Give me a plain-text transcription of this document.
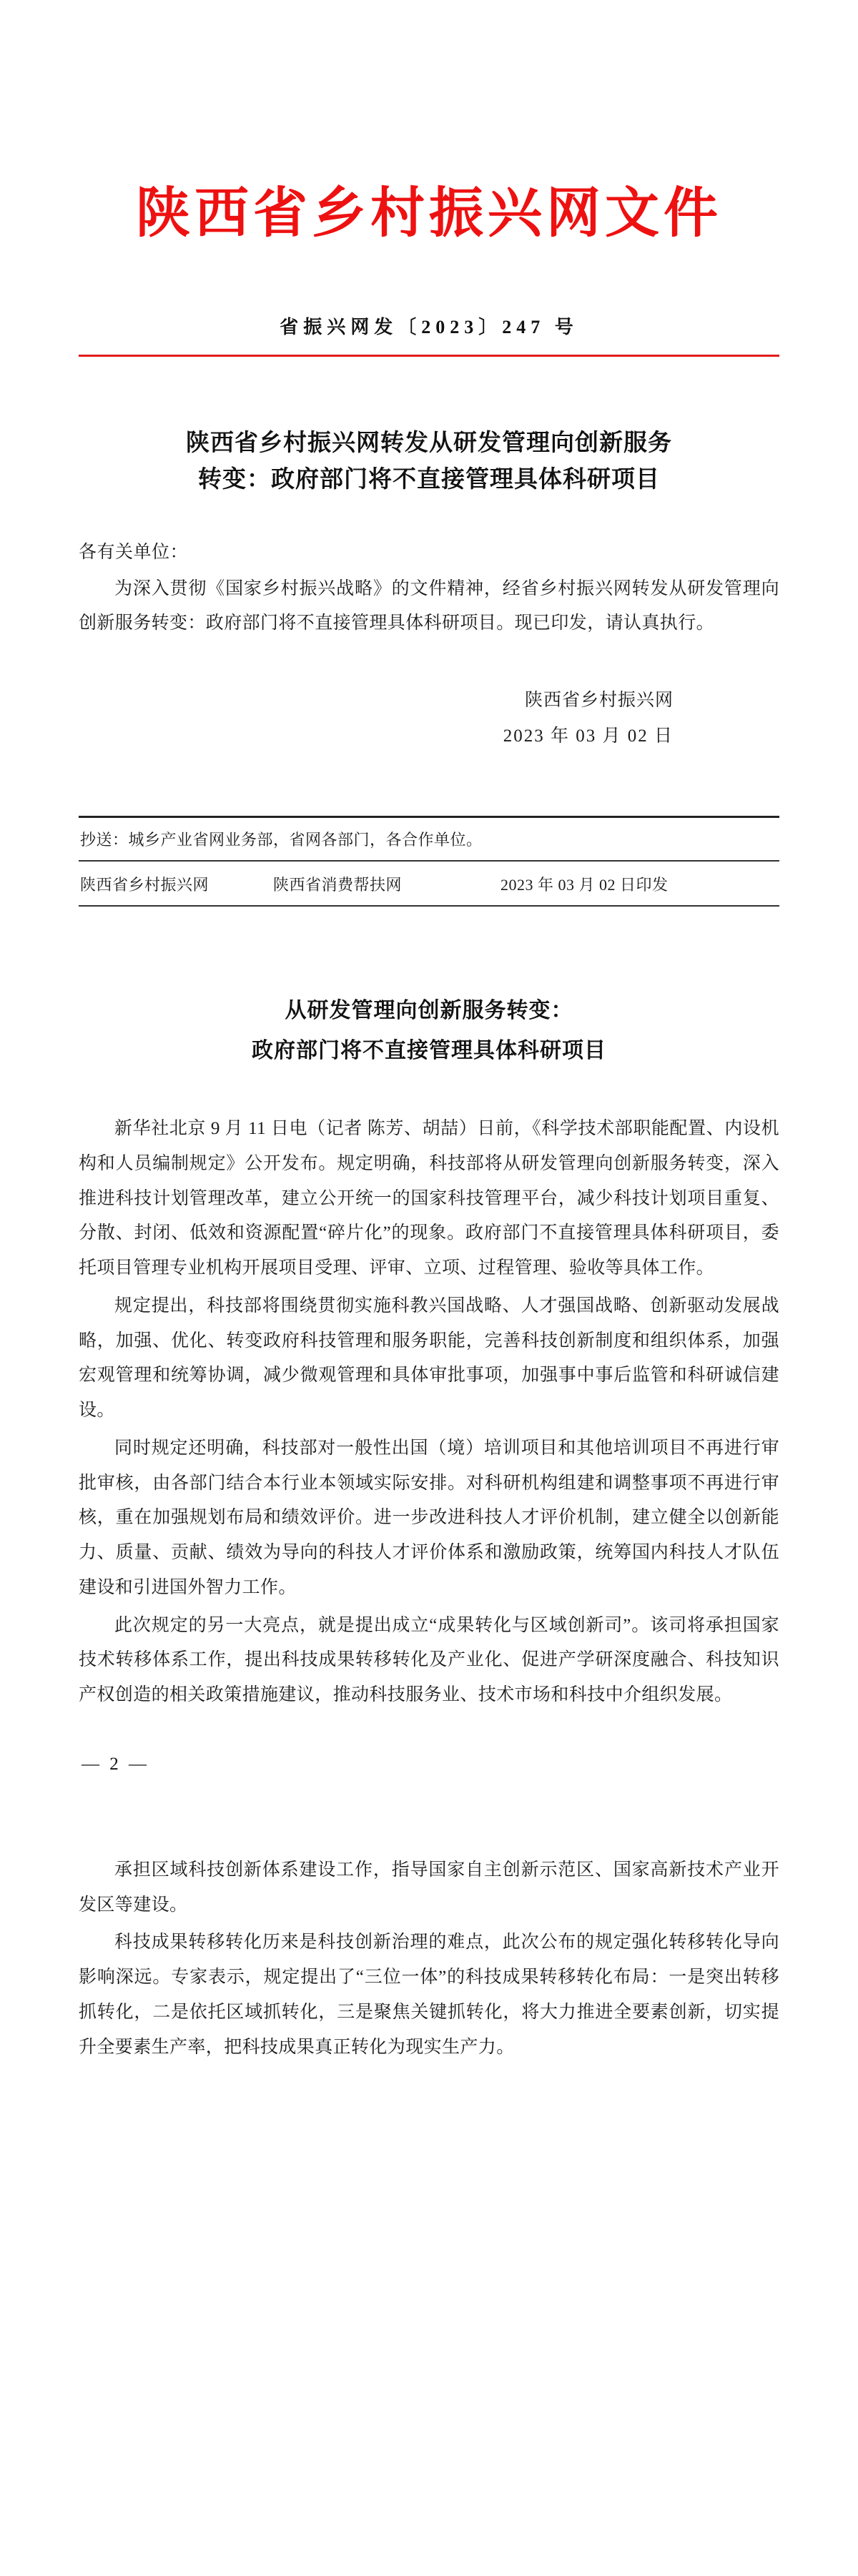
陕西省乡村振兴网文件
省振兴网发〔2023〕247 号
陕西省乡村振兴网转发从研发管理向创新服务
转变：政府部门将不直接管理具体科研项目
各有关单位：

为深入贯彻《国家乡村振兴战略》的文件精神，经省乡村振兴网转发从研发管理向创新服务转变：政府部门将不直接管理具体科研项目。现已印发，请认真执行。

陕西省乡村振兴网
2023 年 03 月 02 日
抄送：城乡产业省网业务部，省网各部门，各合作单位。
陕西省乡村振兴网	陕西省消费帮扶网	2023 年 03 月 02 日印发
从研发管理向创新服务转变：
政府部门将不直接管理具体科研项目

新华社北京 9 月 11 日电（记者 陈芳、胡喆）日前，《科学技术部职能配置、内设机构和人员编制规定》公开发布。规定明确，科技部将从研发管理向创新服务转变，深入推进科技计划管理改革，建立公开统一的国家科技管理平台，减少科技计划项目重复、分散、封闭、低效和资源配置“碎片化”的现象。政府部门不直接管理具体科研项目，委托项目管理专业机构开展项目受理、评审、立项、过程管理、验收等具体工作。

规定提出，科技部将围绕贯彻实施科教兴国战略、人才强国战略、创新驱动发展战略，加强、优化、转变政府科技管理和服务职能，完善科技创新制度和组织体系，加强宏观管理和统筹协调，减少微观管理和具体审批事项，加强事中事后监管和科研诚信建设。

同时规定还明确，科技部对一般性出国（境）培训项目和其他培训项目不再进行审批审核，由各部门结合本行业本领域实际安排。对科研机构组建和调整事项不再进行审核，重在加强规划布局和绩效评价。进一步改进科技人才评价机制，建立健全以创新能力、质量、贡献、绩效为导向的科技人才评价体系和激励政策，统筹国内科技人才队伍建设和引进国外智力工作。

此次规定的另一大亮点，就是提出成立“成果转化与区域创新司”。该司将承担国家技术转移体系工作，提出科技成果转移转化及产业化、促进产学研深度融合、科技知识产权创造的相关政策措施建议，推动科技服务业、技术市场和科技中介组织发展。

— 2 —

承担区域科技创新体系建设工作，指导国家自主创新示范区、国家高新技术产业开发区等建设。

科技成果转移转化历来是科技创新治理的难点，此次公布的规定强化转移转化导向影响深远。专家表示，规定提出了“三位一体”的科技成果转移转化布局：一是突出转移抓转化，二是依托区域抓转化，三是聚焦关键抓转化，将大力推进全要素创新，切实提升全要素生产率，把科技成果真正转化为现实生产力。
